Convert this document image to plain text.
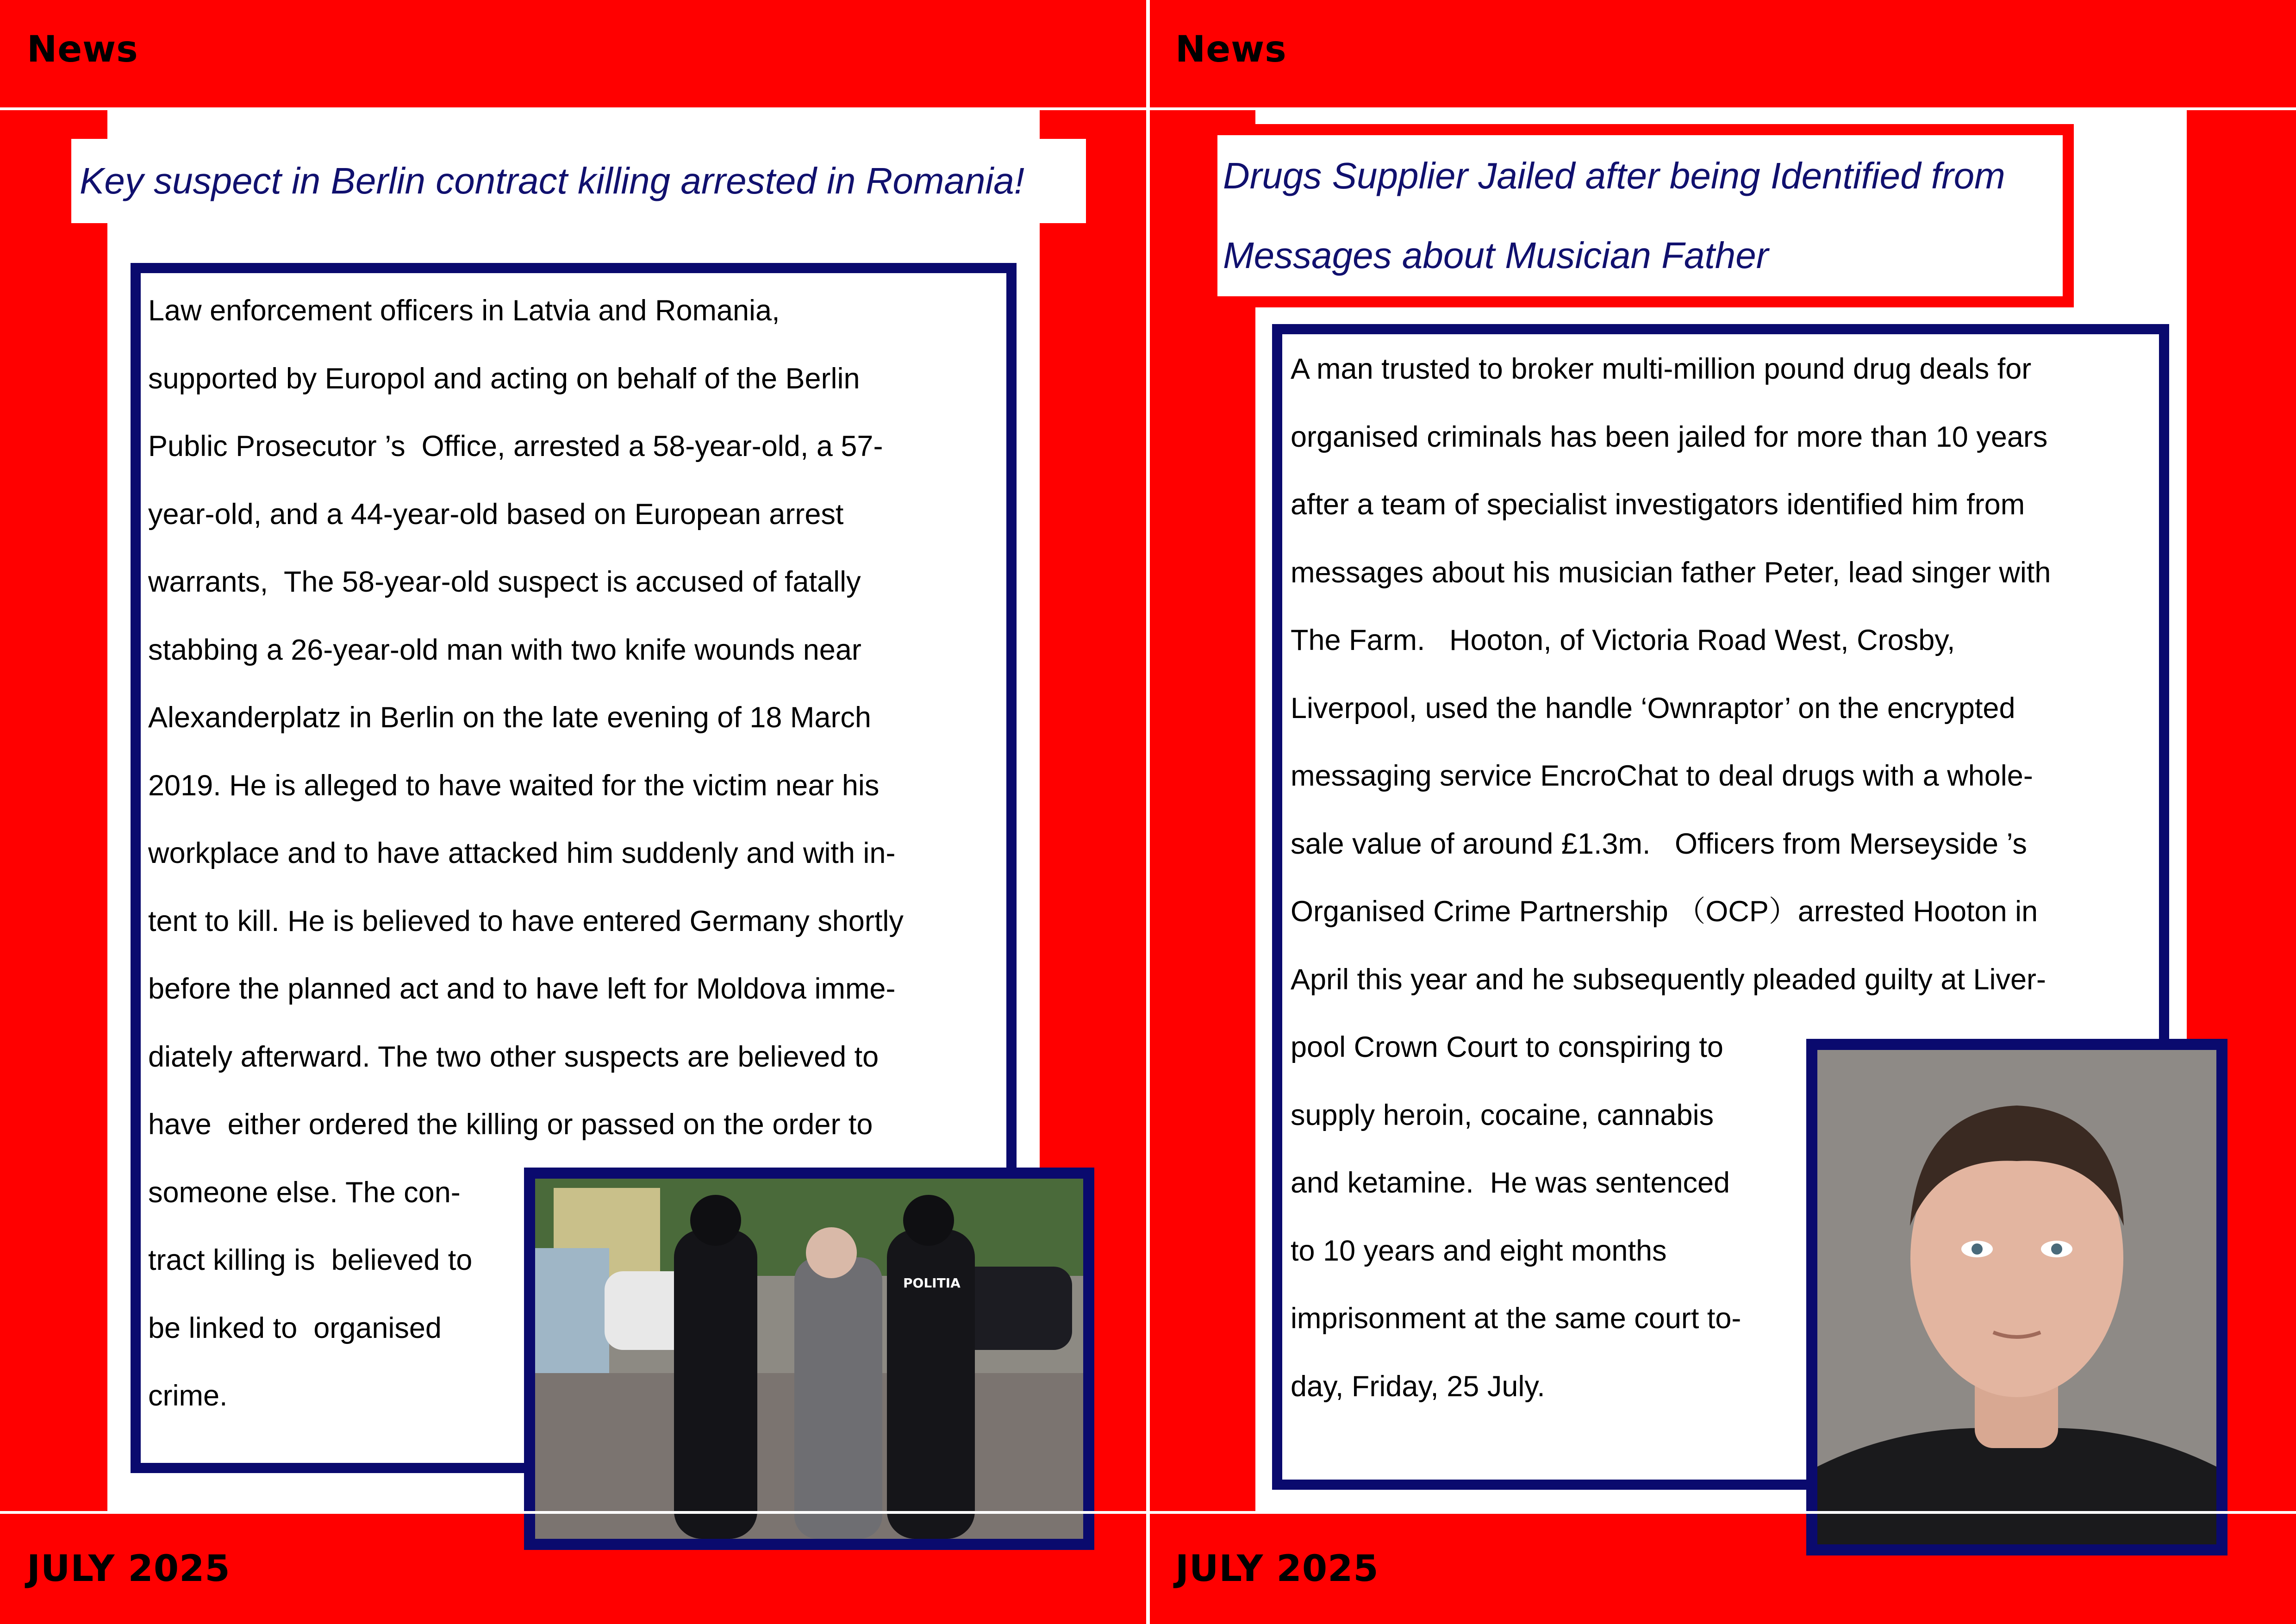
News
Key suspect in Berlin contract killing arrested in Romania!

Law enforcement officers in Latvia and Romania,

supported by Europol and acting on behalf of the Berlin

Public Prosecutor ’s  Office, arrested a 58-year-old, a 57-

year-old, and a 44-year-old based on European arrest

warrants,  The 58-year-old suspect is accused of fatally

stabbing a 26-year-old man with two knife wounds near

Alexanderplatz in Berlin on the late evening of 18 March

2019. He is alleged to have waited for the victim near his

workplace and to have attacked him suddenly and with in-

tent to kill. He is believed to have entered Germany shortly

before the planned act and to have left for Moldova imme-

diately afterward. The two other suspects are believed to

have  either ordered the killing or passed on the order to

someone else. The con-

tract killing is  believed to

be linked to  organised

crime.

POLITIA
JULY 2025
News
Drugs Supplier Jailed after being Identified from
Messages about Musician Father

A man trusted to broker multi-million pound drug deals for

organised criminals has been jailed for more than 10 years

after a team of specialist investigators identified him from

messages about his musician father Peter, lead singer with

The Farm.   Hooton, of Victoria Road West, Crosby,

Liverpool, used the handle ‘Ownraptor’ on the encrypted

messaging service EncroChat to deal drugs with a whole-

sale value of around £1.3m.   Officers from Merseyside ’s

Organised Crime Partnership （OCP）arrested Hooton in

April this year and he subsequently pleaded guilty at Liver-

pool Crown Court to conspiring to

supply heroin, cocaine, cannabis

and ketamine.  He was sentenced

to 10 years and eight months

imprisonment at the same court to-

day, Friday, 25 July.

JULY 2025
